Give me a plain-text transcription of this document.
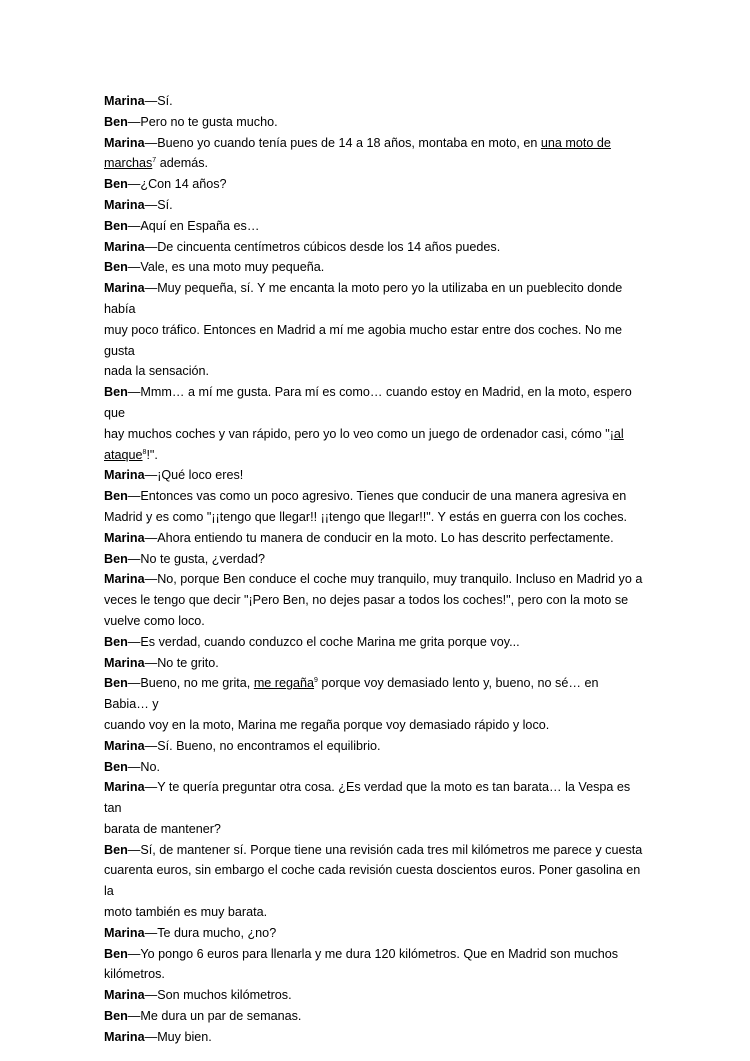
Marina—Sí.

Ben—Pero no te gusta mucho.

Marina—Bueno yo cuando tenía pues de 14 a 18 años, montaba en moto, en una moto de
marchas$^7$ además.

Ben—¿Con 14 años?

Marina—Sí.

Ben—Aquí en España es…

Marina—De cincuenta centímetros cúbicos desde los 14 años puedes.

Ben—Vale, es una moto muy pequeña.

Marina—Muy pequeña, sí. Y me encanta la moto pero yo la utilizaba en un pueblecito donde había
muy poco tráfico. Entonces en Madrid a mí me agobia mucho estar entre dos coches. No me gusta
nada la sensación.

Ben—Mmm… a mí me gusta. Para mí es como… cuando estoy en Madrid, en la moto, espero que
hay muchos coches y van rápido, pero yo lo veo como un juego de ordenador casi, cómo "¡al
ataque$^8$!".

Marina—¡Qué loco eres!

Ben—Entonces vas como un poco agresivo. Tienes que conducir de una manera agresiva en
Madrid y es como "¡¡tengo que llegar!! ¡¡tengo que llegar!!". Y estás en guerra con los coches.

Marina—Ahora entiendo tu manera de conducir en la moto. Lo has descrito perfectamente.

Ben—No te gusta, ¿verdad?

Marina—No, porque Ben conduce el coche muy tranquilo, muy tranquilo. Incluso en Madrid yo a
veces le tengo que decir "¡Pero Ben, no dejes pasar a todos los coches!", pero con la moto se
vuelve como loco.

Ben—Es verdad, cuando conduzco el coche Marina me grita porque voy...

Marina—No te grito.

Ben—Bueno, no me grita, me regaña$^9$ porque voy demasiado lento y, bueno, no sé… en Babia… y
cuando voy en la moto, Marina me regaña porque voy demasiado rápido y loco.

Marina—Sí. Bueno, no encontramos el equilibrio.

Ben—No.

Marina—Y te quería preguntar otra cosa. ¿Es verdad que la moto es tan barata… la Vespa es tan
barata de mantener?

Ben—Sí, de mantener sí. Porque tiene una revisión cada tres mil kilómetros me parece y cuesta
cuarenta euros, sin embargo el coche cada revisión cuesta doscientos euros. Poner gasolina en la
moto también es muy barata.

Marina—Te dura mucho, ¿no?

Ben—Yo pongo 6 euros para llenarla y me dura 120 kilómetros. Que en Madrid son muchos
kilómetros.

Marina—Son muchos kilómetros.

Ben—Me dura un par de semanas.

Marina—Muy bien.
